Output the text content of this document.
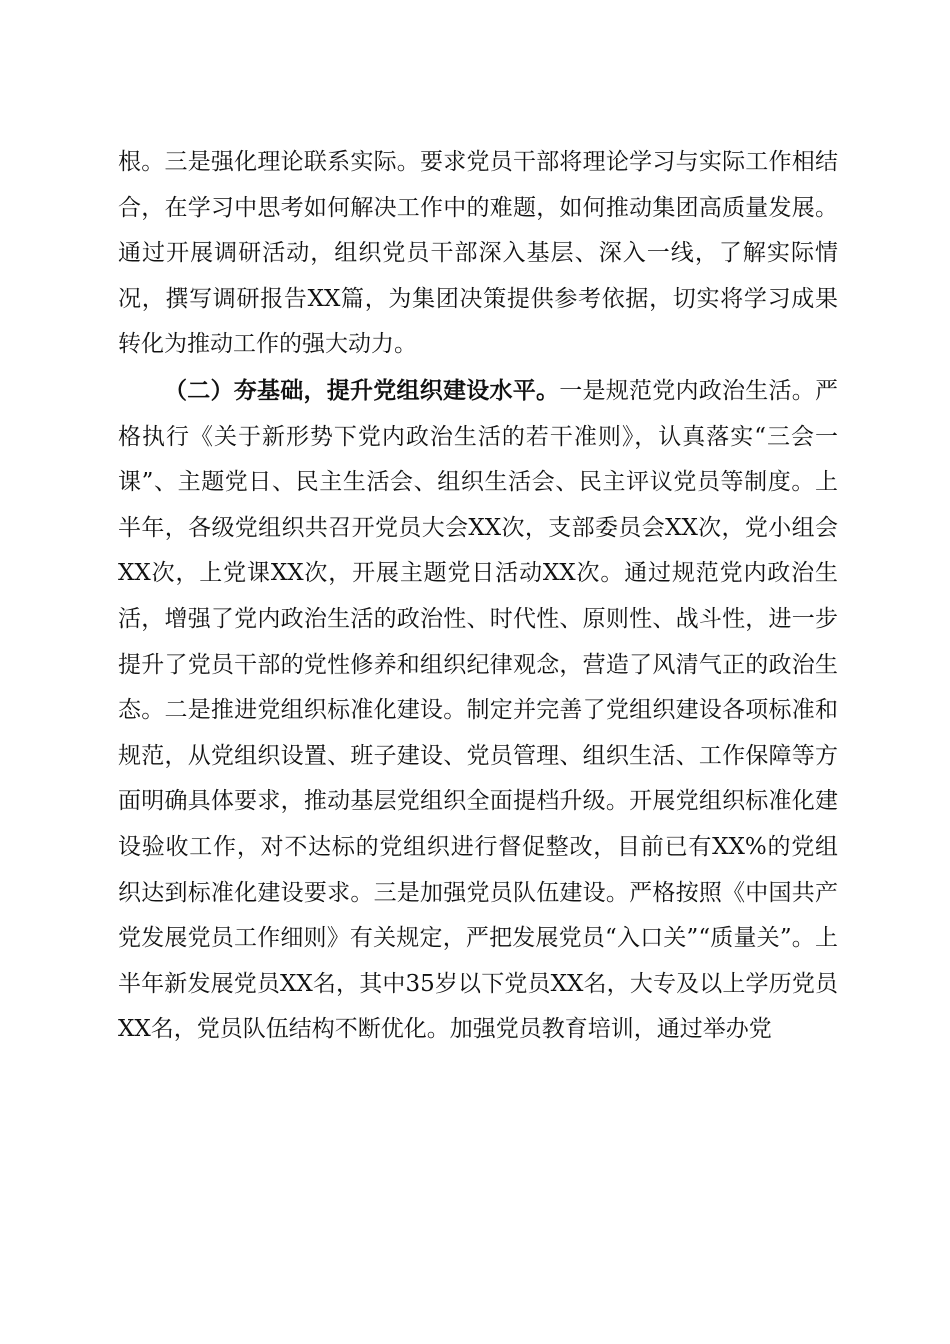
根。三是强化理论联系实际。要求党员干部将理论学习与实际工作相结合，在学习中思考如何解决工作中的难题，如何推动集团高质量发展。通过开展调研活动，组织党员干部深入基层、深入一线，了解实际情况，撰写调研报告XX篇，为集团决策提供参考依据，切实将学习成果转化为推动工作的强大动力。

（二）夯基础，提升党组织建设水平。一是规范党内政治生活。严格执行《关于新形势下党内政治生活的若干准则》，认真落实“三会一课”、主题党日、民主生活会、组织生活会、民主评议党员等制度。上半年，各级党组织共召开党员大会XX次，支部委员会XX次，党小组会XX次，上党课XX次，开展主题党日活动XX次。通过规范党内政治生活，增强了党内政治生活的政治性、时代性、原则性、战斗性，进一步提升了党员干部的党性修养和组织纪律观念，营造了风清气正的政治生态。二是推进党组织标准化建设。制定并完善了党组织建设各项标准和规范，从党组织设置、班子建设、党员管理、组织生活、工作保障等方面明确具体要求，推动基层党组织全面提档升级。开展党组织标准化建设验收工作，对不达标的党组织进行督促整改，目前已有XX%的党组织达到标准化建设要求。三是加强党员队伍建设。严格按照《中国共产党发展党员工作细则》有关规定，严把发展党员“入口关”“质量关”。上半年新发展党员XX名，其中35岁以下党员XX名，大专及以上学历党员XX名，党员队伍结构不断优化。加强党员教育培训，通过举办党
